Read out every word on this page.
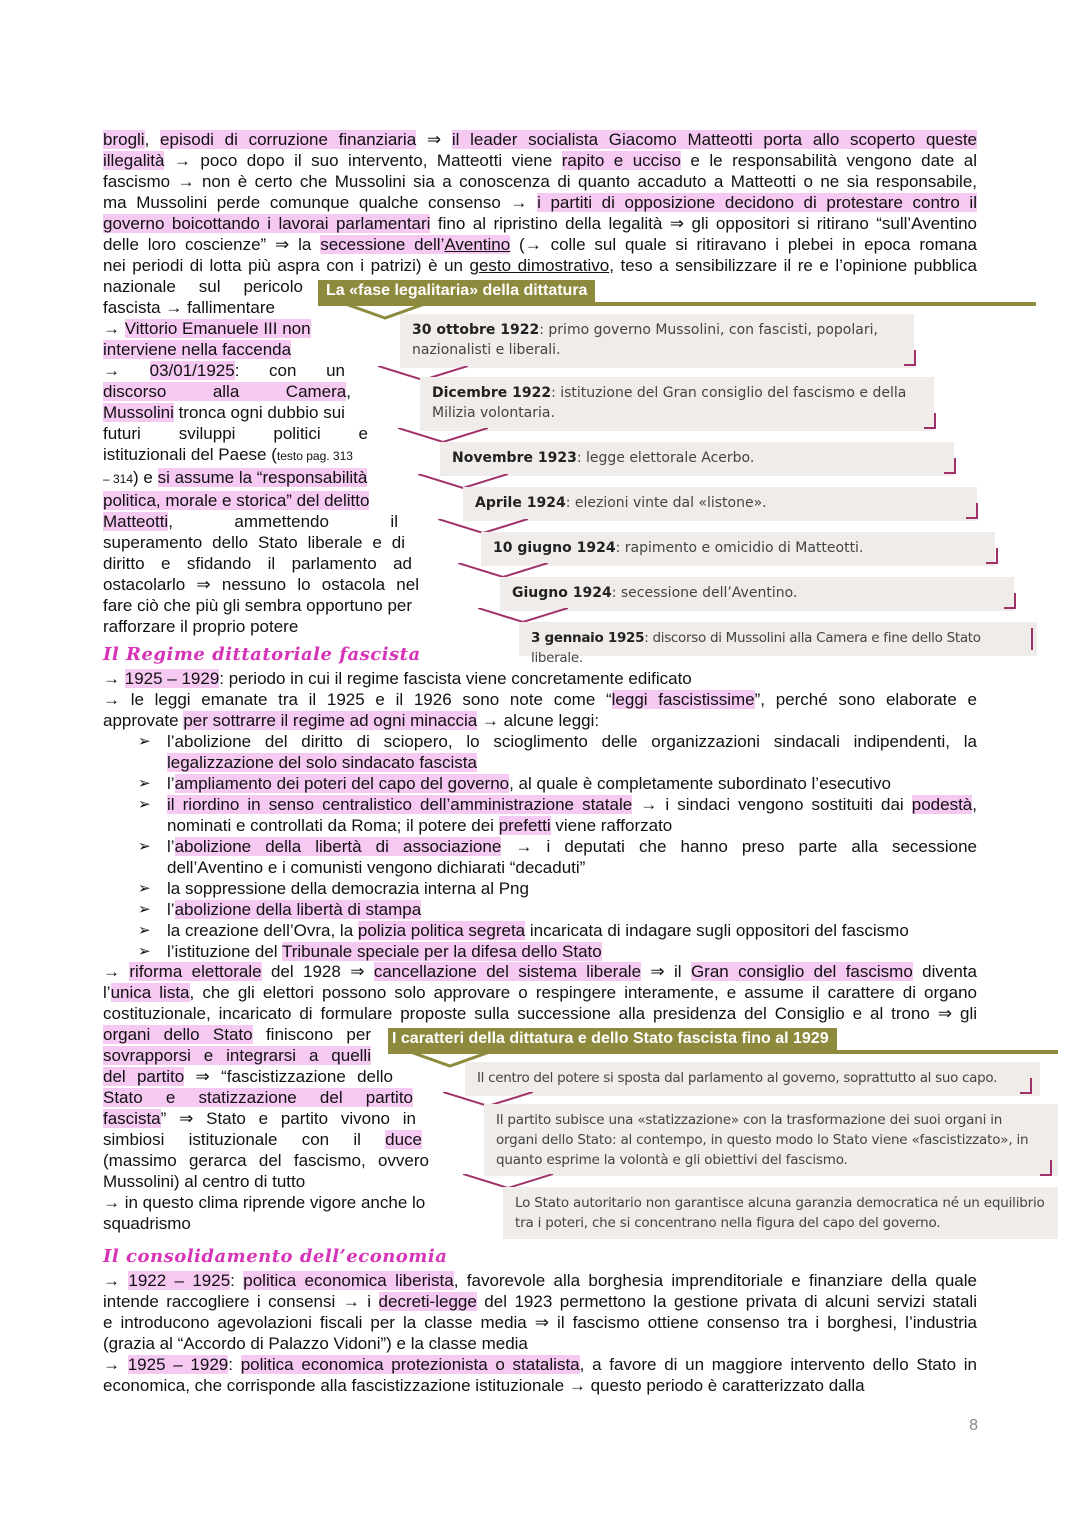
brogli, episodi di corruzione finanziaria ⇒ il leader socialista Giacomo Matteotti porta allo scoperto queste
illegalità → poco dopo il suo intervento, Matteotti viene rapito e ucciso e le responsabilità vengono date al
fascismo → non è certo che Mussolini sia a conoscenza di quanto accaduto a Matteotti o ne sia responsabile,
ma Mussolini perde comunque qualche consenso → i partiti di opposizione decidono di protestare contro il
governo boicottando i lavorai parlamentari fino al ripristino della legalità ⇒ gli oppositori si ritirano “sull’Aventino
delle loro coscienze” ⇒ la secessione dell’Aventino (→ colle sul quale si ritiravano i plebei in epoca romana
nei periodi di lotta più aspra con i patrizi) è un gesto dimostrativo, teso a sensibilizzare il re e l’opinione pubblica
nazionale sul pericolo
fascista → fallimentare
→ Vittorio Emanuele III non
interviene nella faccenda
→ 03/01/1925: con un
discorso alla Camera,
Mussolini tronca ogni dubbio sui
futuri sviluppi politici e
istituzionali del Paese (testo pag. 313
– 314) e si assume la “responsabilità
politica, morale e storica” del delitto
Matteotti, ammettendo il
superamento dello Stato liberale e di
diritto e sfidando il parlamento ad
ostacolarlo ⇒ nessuno lo ostacola nel
fare ciò che più gli sembra opportuno per
rafforzare il proprio potere
La «fase legalitaria» della dittatura
30 ottobre 1922: primo governo Mussolini, con fascisti, popolari, nazionalisti e liberali.
Dicembre 1922: istituzione del Gran consiglio del fascismo e della Milizia volontaria.
Novembre 1923: legge elettorale Acerbo.
Aprile 1924: elezioni vinte dal «listone».
10 giugno 1924: rapimento e omicidio di Matteotti.
Giugno 1924: secessione dell’Aventino.
3 gennaio 1925: discorso di Mussolini alla Camera e fine dello Stato liberale.
Il Regime dittatoriale fascista
→ 1925 – 1929: periodo in cui il regime fascista viene concretamente edificato
→ le leggi emanate tra il 1925 e il 1926 sono note come “leggi fascistissime”, perché sono elaborate e
approvate per sottrarre il regime ad ogni minaccia → alcune leggi:
➢ l’abolizione del diritto di sciopero, lo scioglimento delle organizzazioni sindacali indipendenti, la
legalizzazione del solo sindacato fascista
➢ l’ampliamento dei poteri del capo del governo, al quale è completamente subordinato l’esecutivo
➢ il riordino in senso centralistico dell’amministrazione statale → i sindaci vengono sostituiti dai podestà,
nominati e controllati da Roma; il potere dei prefetti viene rafforzato
➢ l’abolizione della libertà di associazione → i deputati che hanno preso parte alla secessione
dell’Aventino e i comunisti vengono dichiarati “decaduti”
➢ la soppressione della democrazia interna al Png
➢ l’abolizione della libertà di stampa
➢ la creazione dell’Ovra, la polizia politica segreta incaricata di indagare sugli oppositori del fascismo
➢ l’istituzione del Tribunale speciale per la difesa dello Stato
→ riforma elettorale del 1928 ⇒ cancellazione del sistema liberale ⇒ il Gran consiglio del fascismo diventa
l’unica lista, che gli elettori possono solo approvare o respingere interamente, e assume il carattere di organo
costituzionale, incaricato di formulare proposte sulla successione alla presidenza del Consiglio e al trono ⇒ gli
organi dello Stato finiscono per
sovrapporsi e integrarsi a quelli
del partito ⇒ “fascistizzazione dello
Stato e statizzazione del partito
fascista” ⇒ Stato e partito vivono in
simbiosi istituzionale con il duce
(massimo gerarca del fascismo, ovvero
Mussolini) al centro di tutto
→ in questo clima riprende vigore anche lo
squadrismo
I caratteri della dittatura e dello Stato fascista fino al 1929
Il centro del potere si sposta dal parlamento al governo, soprattutto al suo capo.
Il partito subisce una «statizzazione» con la trasformazione dei suoi organi in organi dello Stato: al contempo, in questo modo lo Stato viene «fascistizzato», in quanto esprime la volontà e gli obiettivi del fascismo.
Lo Stato autoritario non garantisce alcuna garanzia democratica né un equilibrio tra i poteri, che si concentrano nella figura del capo del governo.
Il consolidamento dell’economia
→ 1922 – 1925: politica economica liberista, favorevole alla borghesia imprenditoriale e finanziare della quale
intende raccogliere i consensi → i decreti-legge del 1923 permettono la gestione privata di alcuni servizi statali
e introducono agevolazioni fiscali per la classe media ⇒ il fascismo ottiene consenso tra i borghesi, l’industria
(grazia al “Accordo di Palazzo Vidoni”) e la classe media
→ 1925 – 1929: politica economica protezionista o statalista, a favore di un maggiore intervento dello Stato in
economica, che corrisponde alla fascistizzazione istituzionale → questo periodo è caratterizzato dalla
8
